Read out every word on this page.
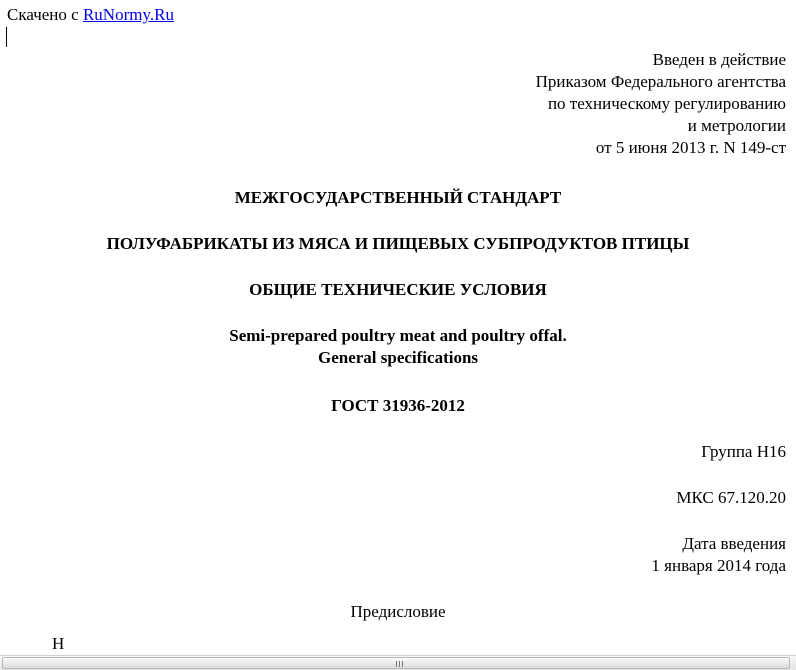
Скачено с RuNormy.Ru
Введен в действие
Приказом Федерального агентства
по техническому регулированию
и метрологии
от 5 июня 2013 г. N 149-ст
МЕЖГОСУДАРСТВЕННЫЙ СТАНДАРТ
ПОЛУФАБРИКАТЫ ИЗ МЯСА И ПИЩЕВЫХ СУБПРОДУКТОВ ПТИЦЫ
ОБЩИЕ ТЕХНИЧЕСКИЕ УСЛОВИЯ
Semi-prepared poultry meat and poultry offal.
General specifications
ГОСТ 31936-2012
Группа Н16
МКС 67.120.20
Дата введения
1 января 2014 года
Предисловие
Н
